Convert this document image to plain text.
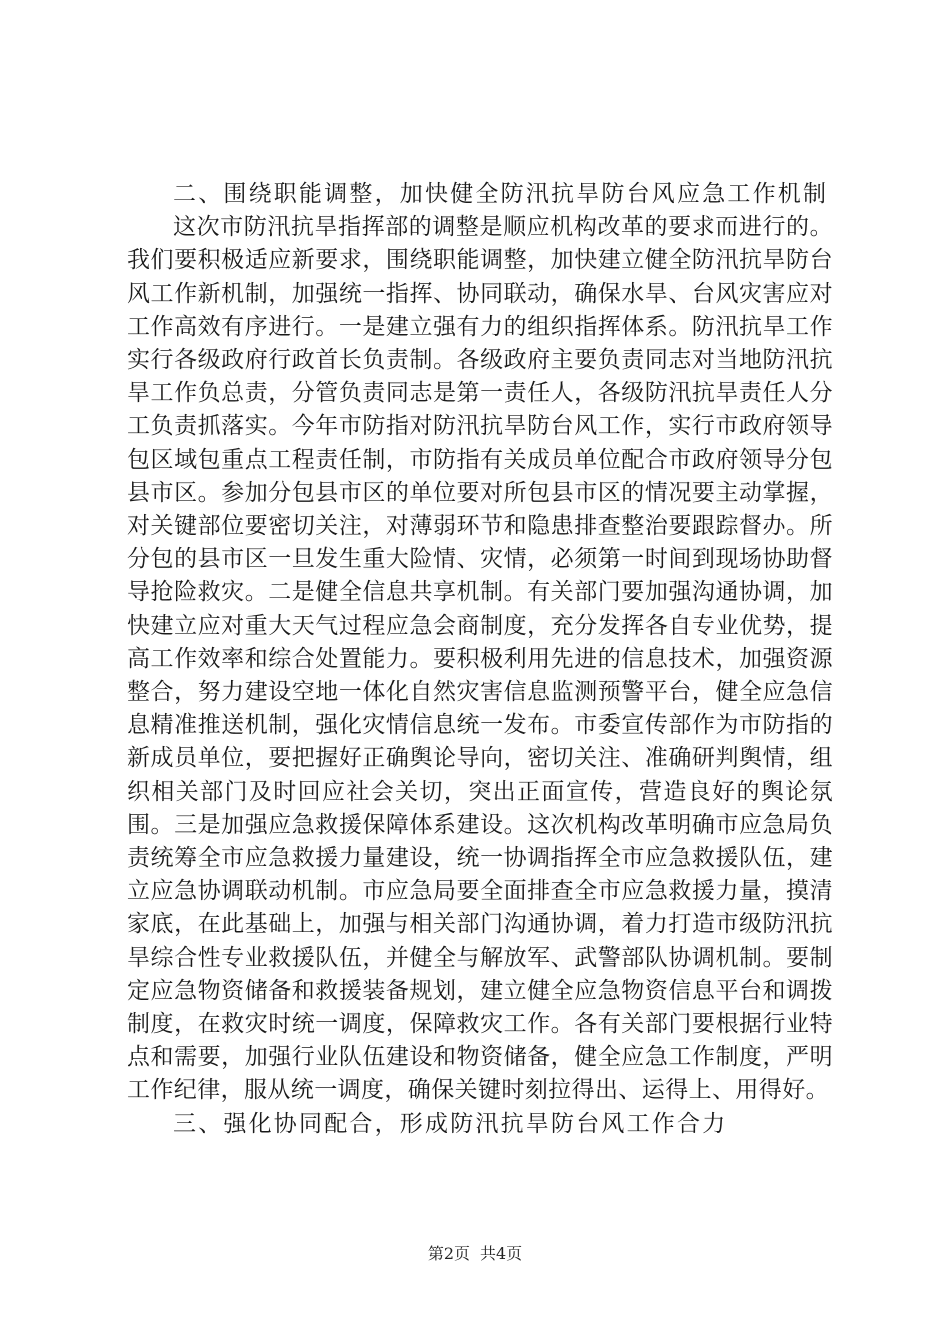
二、围绕职能调整，加快健全防汛抗旱防台风应急工作机制

这次市防汛抗旱指挥部的调整是顺应机构改革的要求而进行的。我们要积极适应新要求，围绕职能调整，加快建立健全防汛抗旱防台风工作新机制，加强统一指挥、协同联动，确保水旱、台风灾害应对工作高效有序进行。一是建立强有力的组织指挥体系。防汛抗旱工作实行各级政府行政首长负责制。各级政府主要负责同志对当地防汛抗旱工作负总责，分管负责同志是第一责任人，各级防汛抗旱责任人分工负责抓落实。今年市防指对防汛抗旱防台风工作，实行市政府领导包区域包重点工程责任制，市防指有关成员单位配合市政府领导分包县市区。参加分包县市区的单位要对所包县市区的情况要主动掌握，对关键部位要密切关注，对薄弱环节和隐患排查整治要跟踪督办。所分包的县市区一旦发生重大险情、灾情，必须第一时间到现场协助督导抢险救灾。二是健全信息共享机制。有关部门要加强沟通协调，加快建立应对重大天气过程应急会商制度，充分发挥各自专业优势，提高工作效率和综合处置能力。要积极利用先进的信息技术，加强资源整合，努力建设空地一体化自然灾害信息监测预警平台，健全应急信息精准推送机制，强化灾情信息统一发布。市委宣传部作为市防指的新成员单位，要把握好正确舆论导向，密切关注、准确研判舆情，组织相关部门及时回应社会关切，突出正面宣传，营造良好的舆论氛围。三是加强应急救援保障体系建设。这次机构改革明确市应急局负责统筹全市应急救援力量建设，统一协调指挥全市应急救援队伍，建立应急协调联动机制。市应急局要全面排查全市应急救援力量，摸清家底，在此基础上，加强与相关部门沟通协调，着力打造市级防汛抗旱综合性专业救援队伍，并健全与解放军、武警部队协调机制。要制定应急物资储备和救援装备规划，建立健全应急物资信息平台和调拨制度，在救灾时统一调度，保障救灾工作。各有关部门要根据行业特点和需要，加强行业队伍建设和物资储备，健全应急工作制度，严明工作纪律，服从统一调度，确保关键时刻拉得出、运得上、用得好。

三、强化协同配合，形成防汛抗旱防台风工作合力

第2页 共4页
